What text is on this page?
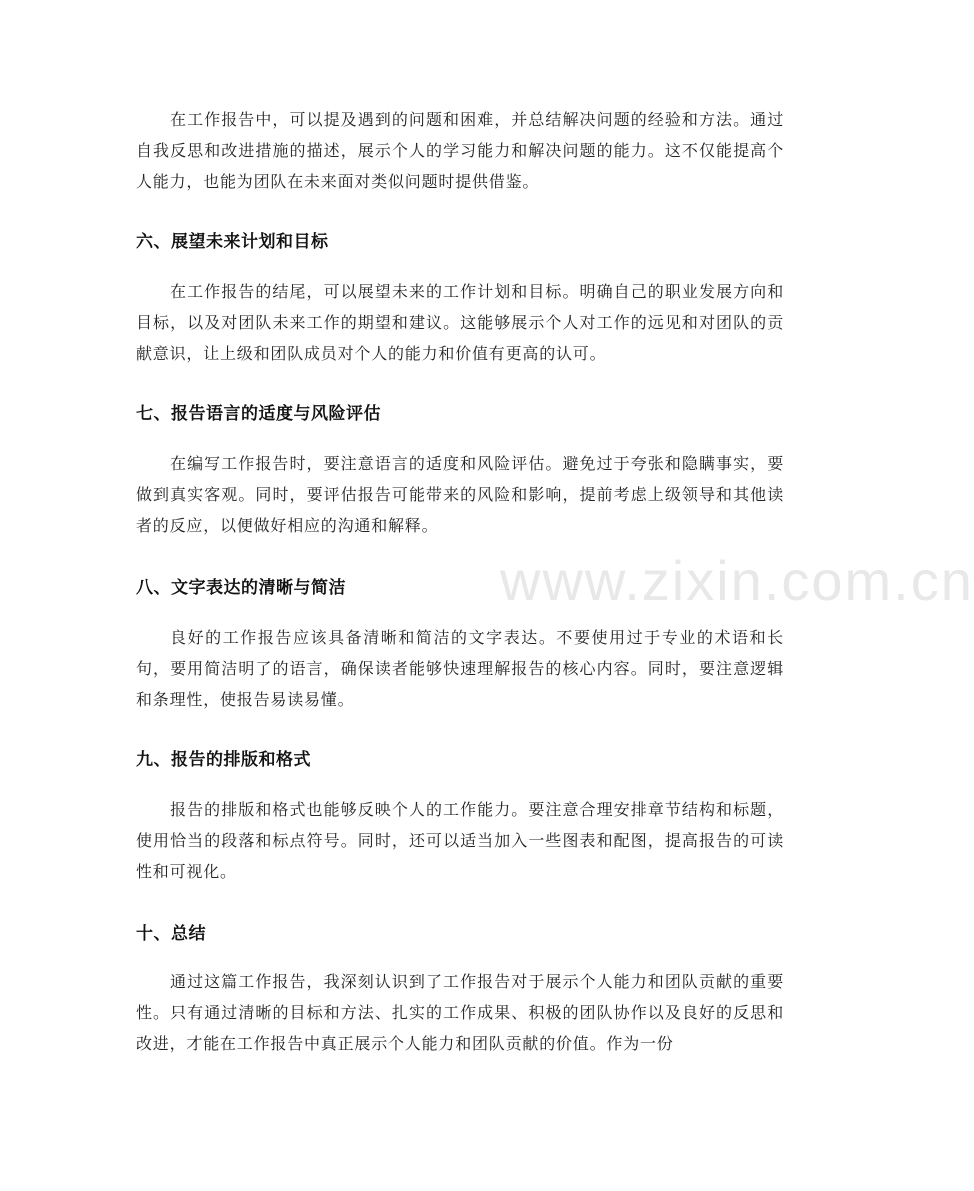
www.zixin.com.cn

在工作报告中，可以提及遇到的问题和困难，并总结解决问题的经验和方法。通过自我反思和改进措施的描述，展示个人的学习能力和解决问题的能力。这不仅能提高个人能力，也能为团队在未来面对类似问题时提供借鉴。

六、展望未来计划和目标

在工作报告的结尾，可以展望未来的工作计划和目标。明确自己的职业发展方向和目标，以及对团队未来工作的期望和建议。这能够展示个人对工作的远见和对团队的贡献意识，让上级和团队成员对个人的能力和价值有更高的认可。

七、报告语言的适度与风险评估

在编写工作报告时，要注意语言的适度和风险评估。避免过于夸张和隐瞒事实，要做到真实客观。同时，要评估报告可能带来的风险和影响，提前考虑上级领导和其他读者的反应，以便做好相应的沟通和解释。

八、文字表达的清晰与简洁

良好的工作报告应该具备清晰和简洁的文字表达。不要使用过于专业的术语和长句，要用简洁明了的语言，确保读者能够快速理解报告的核心内容。同时，要注意逻辑和条理性，使报告易读易懂。

九、报告的排版和格式

报告的排版和格式也能够反映个人的工作能力。要注意合理安排章节结构和标题，使用恰当的段落和标点符号。同时，还可以适当加入一些图表和配图，提高报告的可读性和可视化。

十、总结

通过这篇工作报告，我深刻认识到了工作报告对于展示个人能力和团队贡献的重要性。只有通过清晰的目标和方法、扎实的工作成果、积极的团队协作以及良好的反思和改进，才能在工作报告中真正展示个人能力和团队贡献的价值。作为一份
